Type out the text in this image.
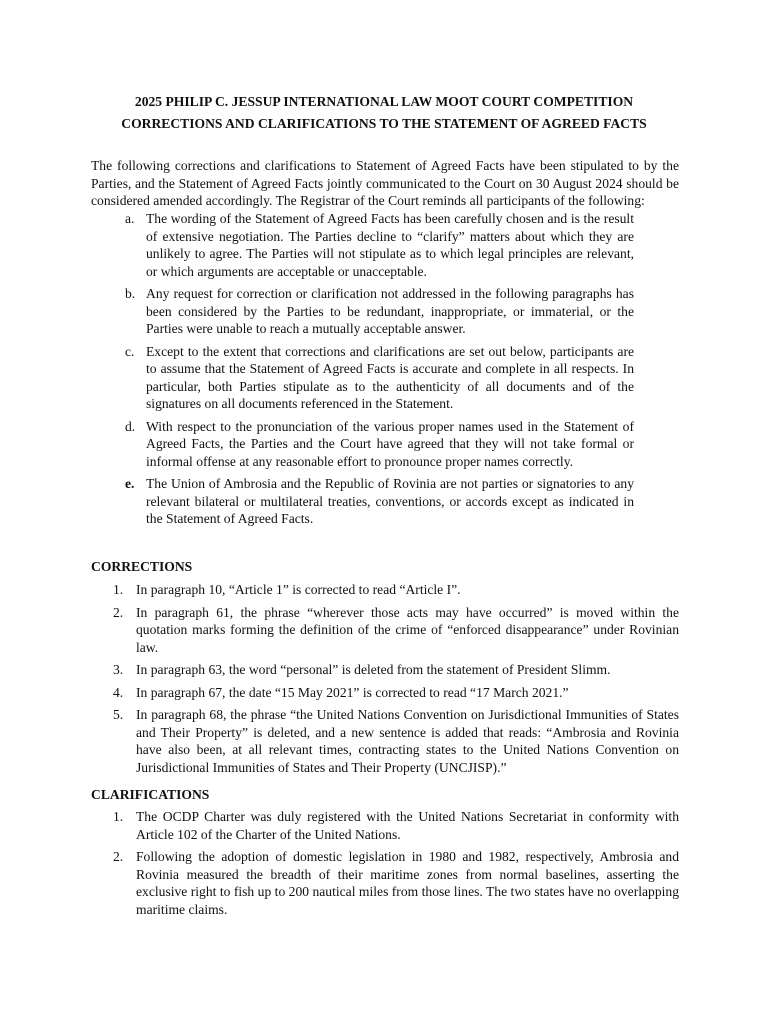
2025 PHILIP C. JESSUP INTERNATIONAL LAW MOOT COURT COMPETITION
CORRECTIONS AND CLARIFICATIONS TO THE STATEMENT OF AGREED FACTS

The following corrections and clarifications to Statement of Agreed Facts have been stipulated to by the Parties, and the Statement of Agreed Facts jointly communicated to the Court on 30 August 2024 should be considered amended accordingly. The Registrar of the Court reminds all participants of the following:

a. The wording of the Statement of Agreed Facts has been carefully chosen and is the result of extensive negotiation. The Parties decline to “clarify” matters about which they are unlikely to agree. The Parties will not stipulate as to which legal principles are relevant, or which arguments are acceptable or unacceptable.
b. Any request for correction or clarification not addressed in the following paragraphs has been considered by the Parties to be redundant, inappropriate, or immaterial, or the Parties were unable to reach a mutually acceptable answer.
c. Except to the extent that corrections and clarifications are set out below, participants are to assume that the Statement of Agreed Facts is accurate and complete in all respects. In particular, both Parties stipulate as to the authenticity of all documents and of the signatures on all documents referenced in the Statement.
d. With respect to the pronunciation of the various proper names used in the Statement of Agreed Facts, the Parties and the Court have agreed that they will not take formal or informal offense at any reasonable effort to pronounce proper names correctly.
e. The Union of Ambrosia and the Republic of Rovinia are not parties or signatories to any relevant bilateral or multilateral treaties, conventions, or accords except as indicated in the Statement of Agreed Facts.
CORRECTIONS
1. In paragraph 10, “Article 1” is corrected to read “Article I”.
2. In paragraph 61, the phrase “wherever those acts may have occurred” is moved within the quotation marks forming the definition of the crime of “enforced disappearance” under Rovinian law.
3. In paragraph 63, the word “personal” is deleted from the statement of President Slimm.
4. In paragraph 67, the date “15 May 2021” is corrected to read “17 March 2021.”
5. In paragraph 68, the phrase “the United Nations Convention on Jurisdictional Immunities of States and Their Property” is deleted, and a new sentence is added that reads: “Ambrosia and Rovinia have also been, at all relevant times, contracting states to the United Nations Convention on Jurisdictional Immunities of States and Their Property (UNCJISP).”
CLARIFICATIONS
1. The OCDP Charter was duly registered with the United Nations Secretariat in conformity with Article 102 of the Charter of the United Nations.
2. Following the adoption of domestic legislation in 1980 and 1982, respectively, Ambrosia and Rovinia measured the breadth of their maritime zones from normal baselines, asserting the exclusive right to fish up to 200 nautical miles from those lines. The two states have no overlapping maritime claims.
